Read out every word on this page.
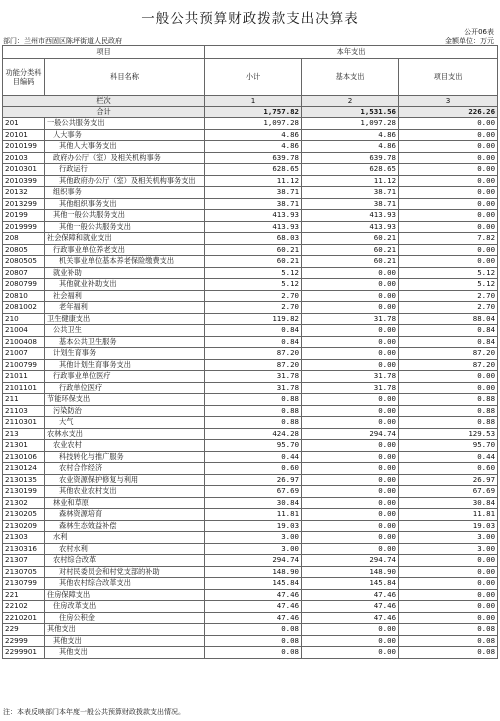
一般公共预算财政拨款支出决算表
公开06表
部门：兰州市西固区陈坪街道人民政府	金额单位：万元
项目		本年支出		
功能分类科目编码	科目名称	小计	基本支出	项目支出
栏次		1	2	3
合计		1,757.82	1,531.56	226.26
201	一般公共服务支出	1,097.28	1,097.28	0.00
20101	人大事务	4.86	4.86	0.00
2010199	其他人大事务支出	4.86	4.86	0.00
20103	政府办公厅（室）及相关机构事务	639.78	639.78	0.00
2010301	行政运行	628.65	628.65	0.00
2010399	其他政府办公厅（室）及相关机构事务支出	11.12	11.12	0.00
20132	组织事务	38.71	38.71	0.00
2013299	其他组织事务支出	38.71	38.71	0.00
20199	其他一般公共服务支出	413.93	413.93	0.00
2019999	其他一般公共服务支出	413.93	413.93	0.00
208	社会保障和就业支出	68.03	60.21	7.82
20805	行政事业单位养老支出	60.21	60.21	0.00
2080505	机关事业单位基本养老保险缴费支出	60.21	60.21	0.00
20807	就业补助	5.12	0.00	5.12
2080799	其他就业补助支出	5.12	0.00	5.12
20810	社会福利	2.70	0.00	2.70
2081002	老年福利	2.70	0.00	2.70
210	卫生健康支出	119.82	31.78	88.04
21004	公共卫生	0.84	0.00	0.84
2100408	基本公共卫生服务	0.84	0.00	0.84
21007	计划生育事务	87.20	0.00	87.20
2100799	其他计划生育事务支出	87.20	0.00	87.20
21011	行政事业单位医疗	31.78	31.78	0.00
2101101	行政单位医疗	31.78	31.78	0.00
211	节能环保支出	0.88	0.00	0.88
21103	污染防治	0.88	0.00	0.88
2110301	大气	0.88	0.00	0.88
213	农林水支出	424.28	294.74	129.53
21301	农业农村	95.70	0.00	95.70
2130106	科技转化与推广服务	0.44	0.00	0.44
2130124	农村合作经济	0.60	0.00	0.60
2130135	农业资源保护修复与利用	26.97	0.00	26.97
2130199	其他农业农村支出	67.69	0.00	67.69
21302	林业和草原	30.84	0.00	30.84
2130205	森林资源培育	11.81	0.00	11.81
2130209	森林生态效益补偿	19.03	0.00	19.03
21303	水利	3.00	0.00	3.00
2130316	农村水利	3.00	0.00	3.00
21307	农村综合改革	294.74	294.74	0.00
2130705	对村民委员会和村党支部的补助	148.90	148.90	0.00
2130799	其他农村综合改革支出	145.84	145.84	0.00
221	住房保障支出	47.46	47.46	0.00
22102	住房改革支出	47.46	47.46	0.00
2210201	住房公积金	47.46	47.46	0.00
229	其他支出	0.08	0.00	0.08
22999	其他支出	0.08	0.00	0.08
2299901	其他支出	0.08	0.00	0.08
注：本表反映部门本年度一般公共预算财政拨款支出情况。
